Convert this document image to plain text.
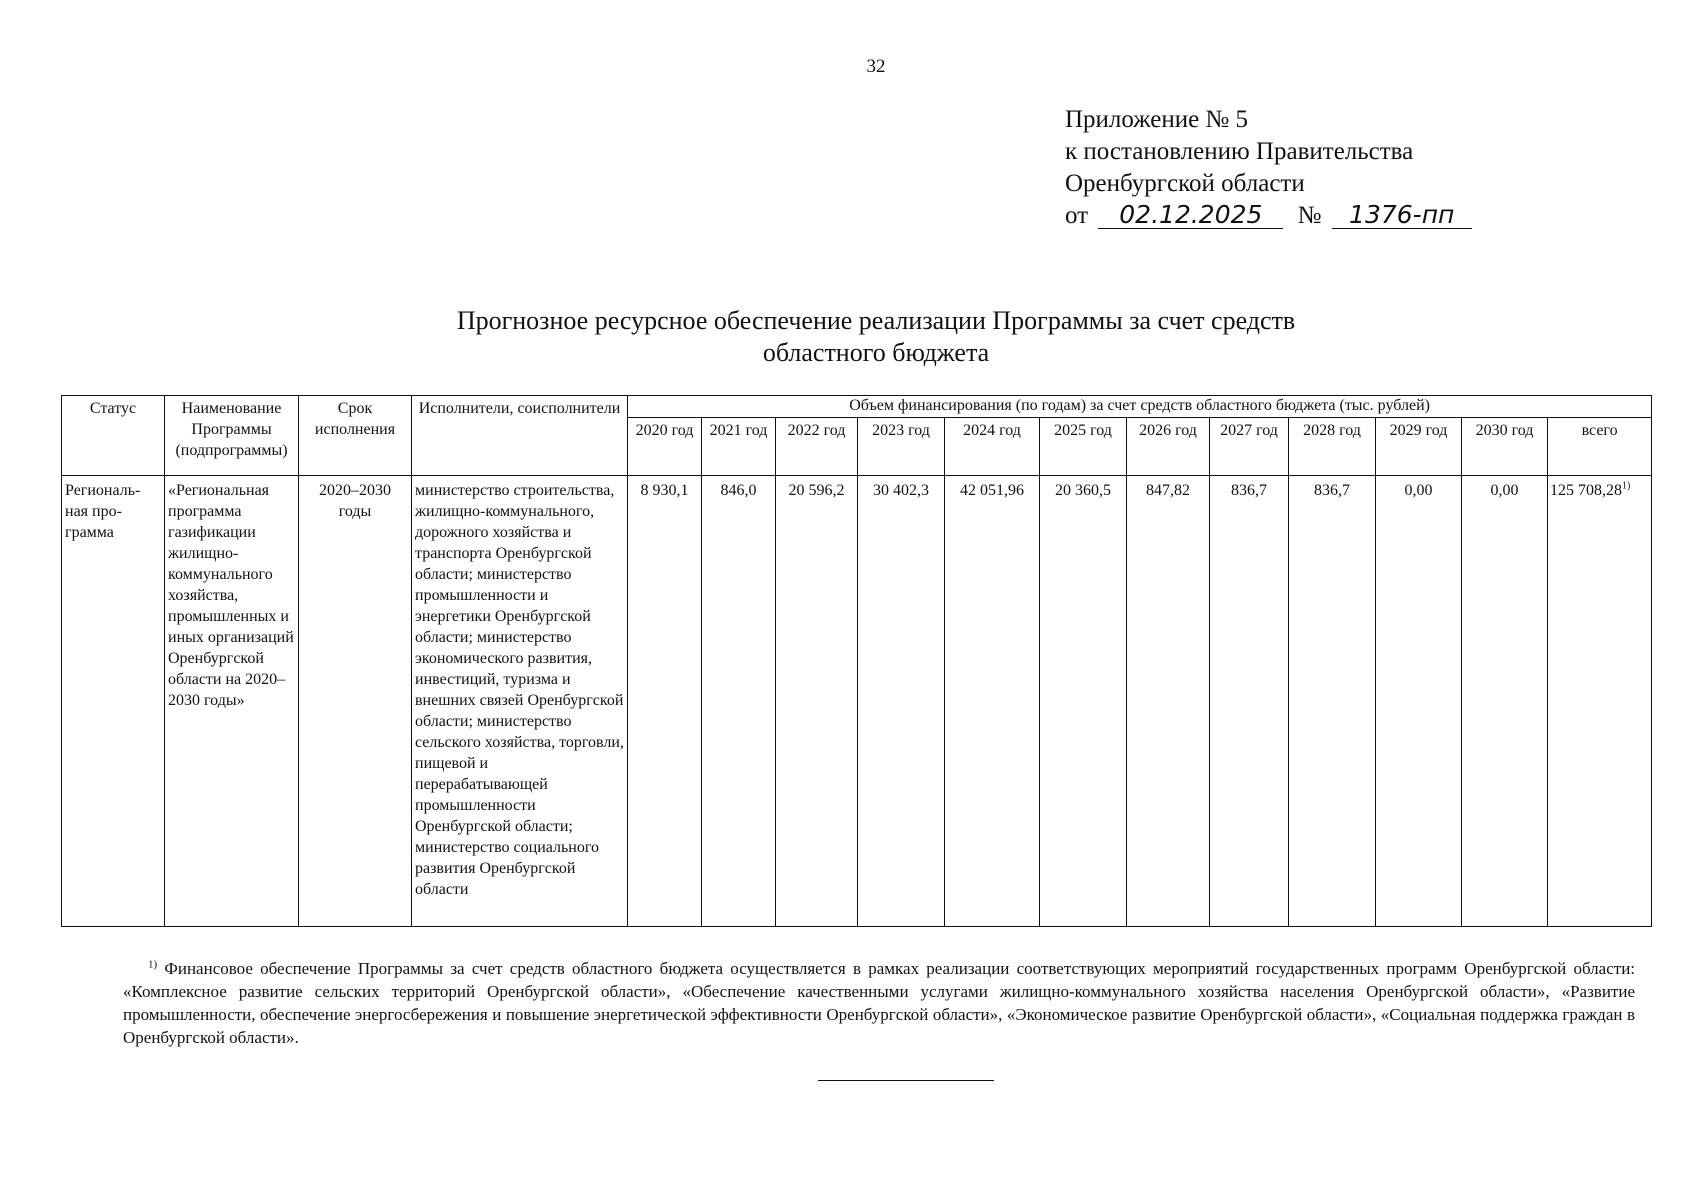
32
Приложение № 5
к постановлению Правительства
Оренбургской области
от 02.12.2025 № 1376-пп
Прогнозное ресурсное обеспечение реализации Программы за счет средств
областного бюджета
Статус	Наименование Программы (подпрограммы)	Срок исполнения	Исполнители, соисполнители	Объем финансирования (по годам) за счет средств областного бюджета (тыс. рублей)											
				2020 год	2021 год	2022 год	2023 год	2024 год	2025 год	2026 год	2027 год	2028 год	2029 год	2030 год	всего
Региональ-ная про-грамма	«Региональная программа газификации жилищно-коммунального хозяйства, промышленных и иных организаций Оренбургской области на 2020–2030 годы»	2020–2030 годы	министерство строительства, жилищно-коммунального, дорожного хозяйства и транспорта Оренбургской области; министерство промышленности и энергетики Оренбургской области; министерство экономического развития, инвестиций, туризма и внешних связей Оренбургской области; министерство сельского хозяйства, торговли, пищевой и перерабатывающей промышленности Оренбургской области; министерство социального развития Оренбургской области	8 930,1	846,0	20 596,2	30 402,3	42 051,96	20 360,5	847,82	836,7	836,7	0,00	0,00	125 708,28$^{1)}$
$^{1)}$ Финансовое обеспечение Программы за счет средств областного бюджета осуществляется в рамках реализации соответствующих мероприятий государственных программ Оренбургской области: «Комплексное развитие сельских территорий Оренбургской области», «Обеспечение качественными услугами жилищно-коммунального хозяйства населения Оренбургской области», «Развитие промышленности, обеспечение энергосбережения и повышение энергетической эффективности Оренбургской области», «Экономическое развитие Оренбургской области», «Социальная поддержка граждан в Оренбургской области».
